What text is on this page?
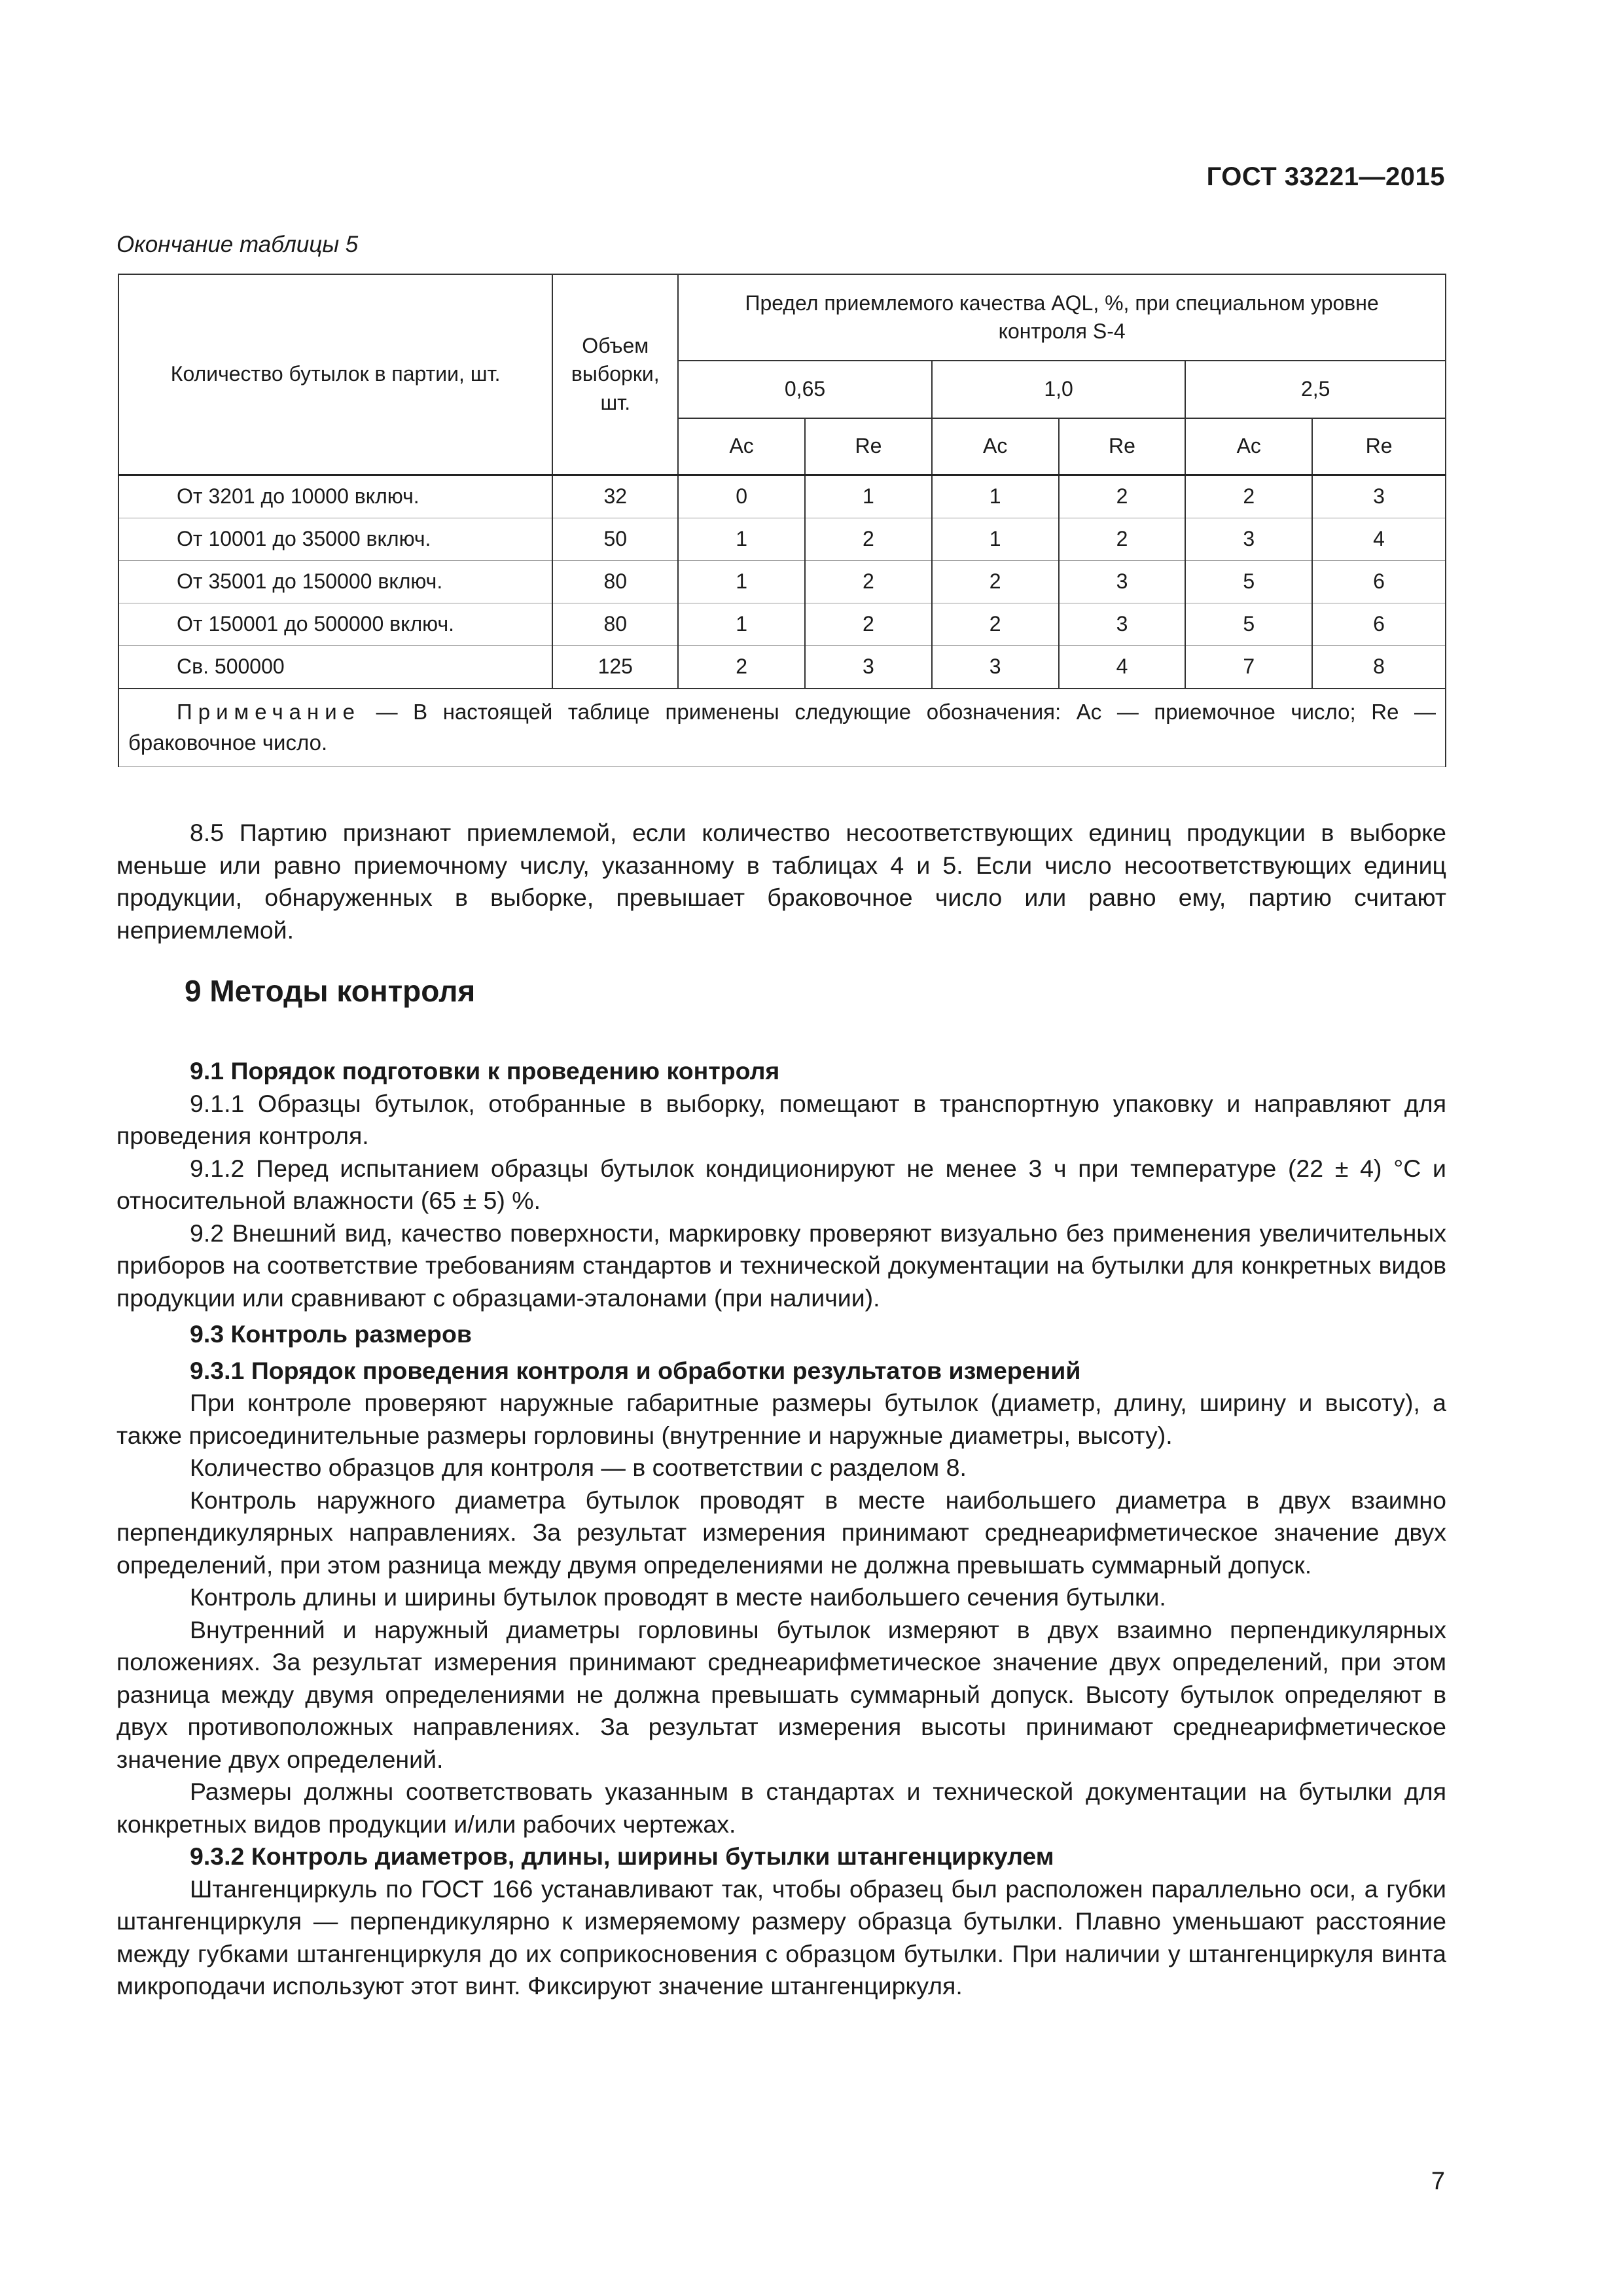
ГОСТ 33221—2015
Окончание таблицы 5
Количество бутылок в партии, шт.	Объем выборки, шт.	Предел приемлемого качества AQL, %, при специальном уровне контроля S-4					
		0,65		1,0		2,5	
		Ac	Re	Ac	Re	Ac	Re
От 3201 до 10000 включ.	32	0	1	1	2	2	3
От 10001 до 35000 включ.	50	1	2	1	2	3	4
От 35001 до 150000 включ.	80	1	2	2	3	5	6
От 150001 до 500000 включ.	80	1	2	2	3	5	6
Св. 500000	125	2	3	3	4	7	8
Примечание — В настоящей таблице применены следующие обозначения: Ac — приемочное число; Re — браковочное число.							

8.5 Партию признают приемлемой, если количество несоответствующих единиц продукции в выборке меньше или равно приемочному числу, указанному в таблицах 4 и 5. Если число несоответствующих единиц продукции, обнаруженных в выборке, превышает браковочное число или равно ему, партию считают неприемлемой.

9 Методы контроля

9.1 Порядок подготовки к проведению контроля

9.1.1 Образцы бутылок, отобранные в выборку, помещают в транспортную упаковку и направляют для проведения контроля.

9.1.2 Перед испытанием образцы бутылок кондиционируют не менее 3 ч при температуре (22 ± 4) °С и относительной влажности (65 ± 5) %.

9.2 Внешний вид, качество поверхности, маркировку проверяют визуально без применения увеличительных приборов на соответствие требованиям стандартов и технической документации на бутылки для конкретных видов продукции или сравнивают с образцами-эталонами (при наличии).

9.3 Контроль размеров

9.3.1 Порядок проведения контроля и обработки результатов измерений

При контроле проверяют наружные габаритные размеры бутылок (диаметр, длину, ширину и высоту), а также присоединительные размеры горловины (внутренние и наружные диаметры, высоту).

Количество образцов для контроля — в соответствии с разделом 8.

Контроль наружного диаметра бутылок проводят в месте наибольшего диаметра в двух взаимно перпендикулярных направлениях. За результат измерения принимают среднеарифметическое значение двух определений, при этом разница между двумя определениями не должна превышать суммарный допуск.

Контроль длины и ширины бутылок проводят в месте наибольшего сечения бутылки.

Внутренний и наружный диаметры горловины бутылок измеряют в двух взаимно перпендикулярных положениях. За результат измерения принимают среднеарифметическое значение двух определений, при этом разница между двумя определениями не должна превышать суммарный допуск. Высоту бутылок определяют в двух противоположных направлениях. За результат измерения высоты принимают среднеарифметическое значение двух определений.

Размеры должны соответствовать указанным в стандартах и технической документации на бутылки для конкретных видов продукции и/или рабочих чертежах.

9.3.2 Контроль диаметров, длины, ширины бутылки штангенциркулем

Штангенциркуль по ГОСТ 166 устанавливают так, чтобы образец был расположен параллельно оси, а губки штангенциркуля — перпендикулярно к измеряемому размеру образца бутылки. Плавно уменьшают расстояние между губками штангенциркуля до их соприкосновения с образцом бутылки. При наличии у штангенциркуля винта микроподачи используют этот винт. Фиксируют значение штангенциркуля.

7
